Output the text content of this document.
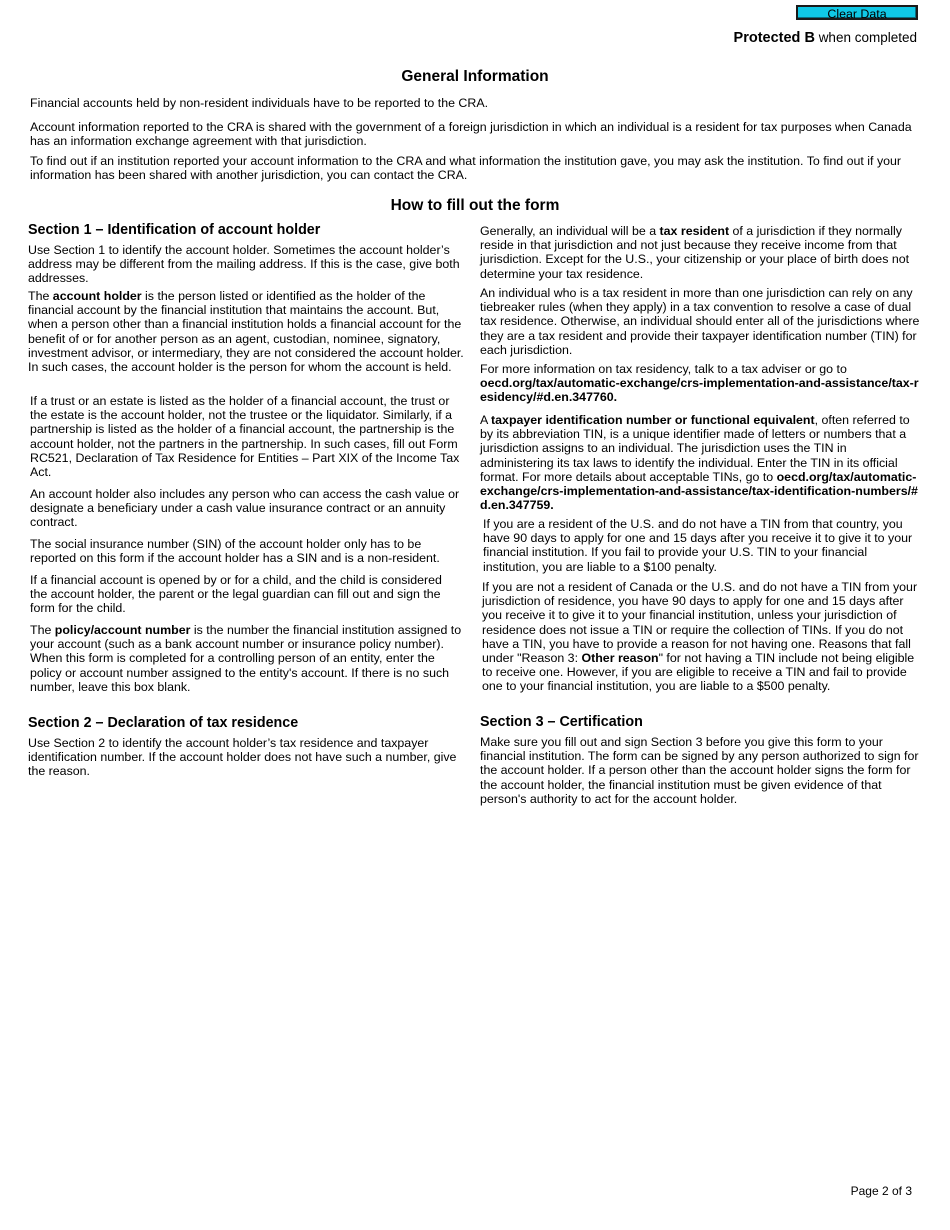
Clear Data
Protected B when completed
General Information

Financial accounts held by non-resident individuals have to be reported to the CRA.

Account information reported to the CRA is shared with the government of a foreign jurisdiction in which an individual is a resident for tax purposes when Canada has an information exchange agreement with that jurisdiction.

To find out if an institution reported your account information to the CRA and what information the institution gave, you may ask the institution. To find out if your information has been shared with another jurisdiction, you can contact the CRA.

How to fill out the form
Section 1 – Identification of account holder

Use Section 1 to identify the account holder. Sometimes the account holder’s address may be different from the mailing address. If this is the case, give both addresses.

The account holder is the person listed or identified as the holder of the financial account by the financial institution that maintains the account. But, when a person other than a financial institution holds a financial account for the benefit of or for another person as an agent, custodian, nominee, signatory, investment advisor, or intermediary, they are not considered the account holder. In such cases, the account holder is the person for whom the account is held.

If a trust or an estate is listed as the holder of a financial account, the trust or the estate is the account holder, not the trustee or the liquidator. Similarly, if a partnership is listed as the holder of a financial account, the partnership is the account holder, not the partners in the partnership. In such cases, fill out Form RC521, Declaration of Tax Residence for Entities – Part XIX of the Income Tax Act.

An account holder also includes any person who can access the cash value or designate a beneficiary under a cash value insurance contract or an annuity contract.

The social insurance number (SIN) of the account holder only has to be reported on this form if the account holder has a SIN and is a non-resident.

If a financial account is opened by or for a child, and the child is considered the account holder, the parent or the legal guardian can fill out and sign the form for the child.

The policy/account number is the number the financial institution assigned to your account (such as a bank account number or insurance policy number). When this form is completed for a controlling person of an entity, enter the policy or account number assigned to the entity's account. If there is no such number, leave this box blank.

Generally, an individual will be a tax resident of a jurisdiction if they normally reside in that jurisdiction and not just because they receive income from that jurisdiction. Except for the U.S., your citizenship or your place of birth does not determine your tax residence.

An individual who is a tax resident in more than one jurisdiction can rely on any tiebreaker rules (when they apply) in a tax convention to resolve a case of dual tax residence. Otherwise, an individual should enter all of the jurisdictions where they are a tax resident and provide their taxpayer identification number (TIN) for each jurisdiction.

For more information on tax residency, talk to a tax adviser or go to
oecd.org/tax/automatic-exchange/crs-implementation-and-assistance/tax-residency/#d.en.347760.

A taxpayer identification number or functional equivalent, often referred to by its abbreviation TIN, is a unique identifier made of letters or numbers that a jurisdiction assigns to an individual. The jurisdiction uses the TIN in administering its tax laws to identify the individual. Enter the TIN in its official format. For more details about acceptable TINs, go to oecd.org/tax/automatic-exchange/crs-implementation-and-assistance/tax-identification-numbers/#d.en.347759.

If you are a resident of the U.S. and do not have a TIN from that country, you have 90 days to apply for one and 15 days after you receive it to give it to your financial institution. If you fail to provide your U.S. TIN to your financial institution, you are liable to a $100 penalty.

If you are not a resident of Canada or the U.S. and do not have a TIN from your jurisdiction of residence, you have 90 days to apply for one and 15 days after you receive it to give it to your financial institution, unless your jurisdiction of residence does not issue a TIN or require the collection of TINs. If you do not have a TIN, you have to provide a reason for not having one. Reasons that fall under "Reason 3: Other reason" for not having a TIN include not being eligible to receive one. However, if you are eligible to receive a TIN and fail to provide one to your financial institution, you are liable to a $500 penalty.

Section 2 – Declaration of tax residence

Use Section 2 to identify the account holder’s tax residence and taxpayer identification number. If the account holder does not have such a number, give the reason.

Section 3 – Certification

Make sure you fill out and sign Section 3 before you give this form to your financial institution. The form can be signed by any person authorized to sign for the account holder. If a person other than the account holder signs the form for the account holder, the financial institution must be given evidence of that person's authority to act for the account holder.

Page 2 of 3
